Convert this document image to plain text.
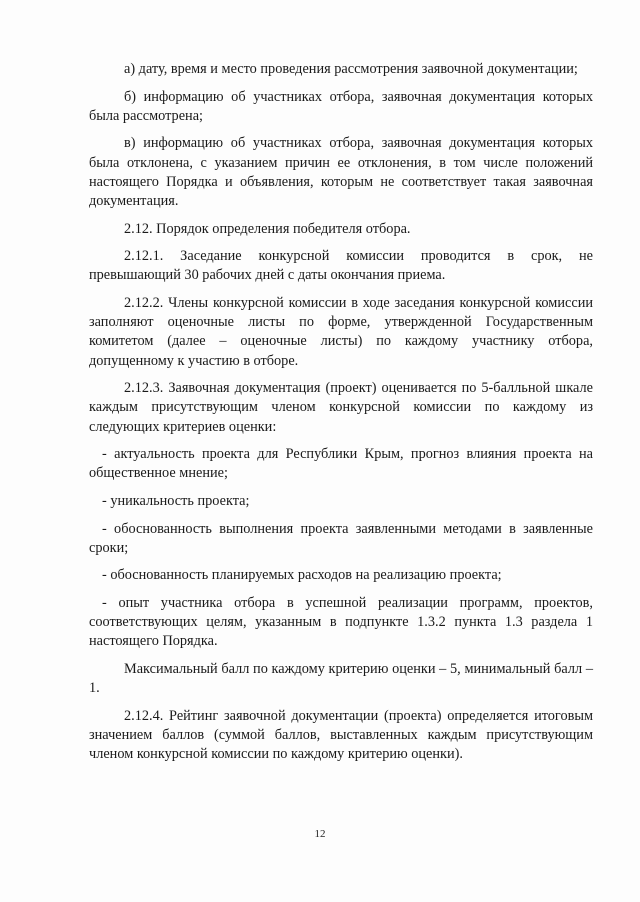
а) дату, время и место проведения рассмотрения заявочной документации;

б) информацию об участниках отбора, заявочная документация которых была рассмотрена;

в) информацию об участниках отбора, заявочная документация которых была отклонена, с указанием причин ее отклонения, в том числе положений настоящего Порядка и объявления, которым не соответствует такая заявочная документация.

2.12. Порядок определения победителя отбора.

2.12.1. Заседание конкурсной комиссии проводится в срок, не превышающий 30 рабочих дней с даты окончания приема.

2.12.2. Члены конкурсной комиссии в ходе заседания конкурсной комиссии заполняют оценочные листы по форме, утвержденной Государственным комитетом (далее – оценочные листы) по каждому участнику отбора, допущенному к участию в отборе.

2.12.3. Заявочная документация (проект) оценивается по 5-балльной шкале каждым присутствующим членом конкурсной комиссии по каждому из следующих критериев оценки:

- актуальность проекта для Республики Крым, прогноз влияния проекта на общественное мнение;

- уникальность проекта;

- обоснованность выполнения проекта заявленными методами в заявленные сроки;

- обоснованность планируемых расходов на реализацию проекта;

- опыт участника отбора в успешной реализации программ, проектов, соответствующих целям, указанным в подпункте 1.3.2 пункта 1.3 раздела 1 настоящего Порядка.

Максимальный балл по каждому критерию оценки – 5, минимальный балл – 1.

2.12.4. Рейтинг заявочной документации (проекта) определяется итоговым значением баллов (суммой баллов, выставленных каждым присутствующим членом конкурсной комиссии по каждому критерию оценки).

12
